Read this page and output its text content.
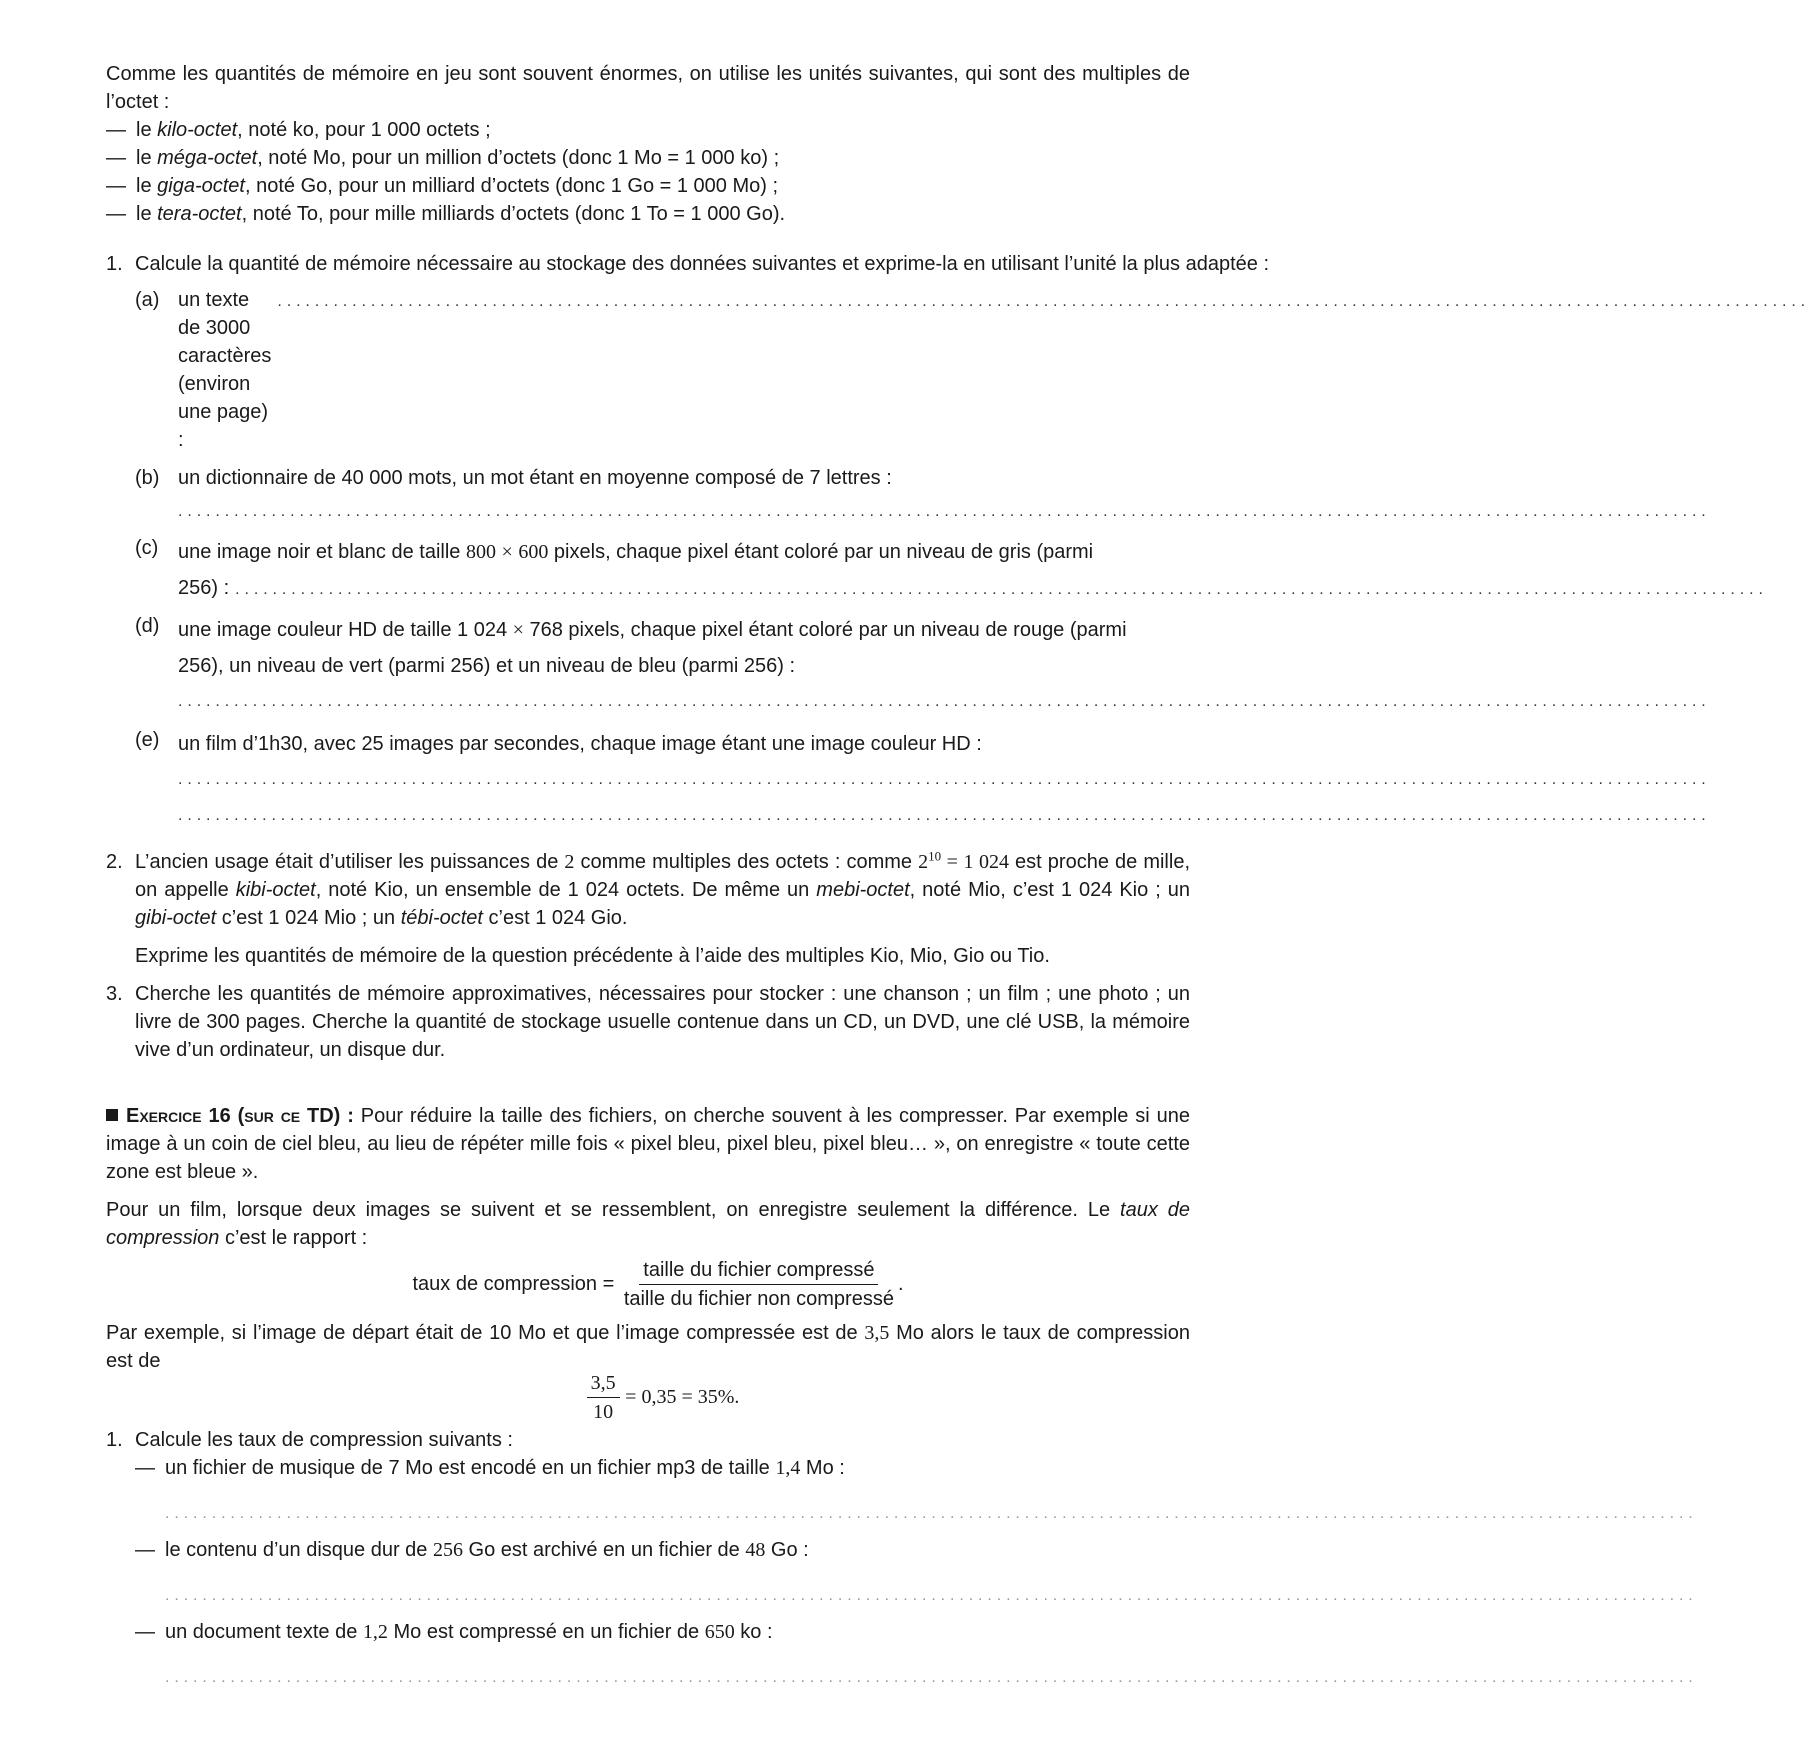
Comme les quantités de mémoire en jeu sont souvent énormes, on utilise les unités suivantes, qui sont des multiples de l’octet :

— le kilo-octet, noté ko, pour 1 000 octets ;
— le méga-octet, noté Mo, pour un million d’octets (donc 1 Mo = 1 000 ko) ;
— le giga-octet, noté Go, pour un milliard d’octets (donc 1 Go = 1 000 Mo) ;
— le tera-octet, noté To, pour mille milliards d’octets (donc 1 To = 1 000 Go).
1. Calcule la quantité de mémoire nécessaire au stockage des données suivantes et exprime-la en utilisant l’unité la plus adaptée :

(a) un texte de 3000 caractères (environ une page) :
....................................................................................................................................................................
(b) un dictionnaire de 40 000 mots, un mot étant en moyenne composé de 7 lettres :

....................................................................................................................................................................
(c) une image noir et blanc de taille 800 × 600 pixels, chaque pixel étant coloré par un niveau de gris (parmi

256) : ....................................................................................................................................................................
(d) une image couleur HD de taille 1 024 × 768 pixels, chaque pixel étant coloré par un niveau de rouge (parmi

256), un niveau de vert (parmi 256) et un niveau de bleu (parmi 256) :

....................................................................................................................................................................
(e) un film d’1h30, avec 25 images par secondes, chaque image étant une image couleur HD :

....................................................................................................................................................................
....................................................................................................................................................................
2. L’ancien usage était d’utiliser les puissances de 2 comme multiples des octets : comme $2^{10} = 1$ 024 est proche de mille, on appelle kibi-octet, noté Kio, un ensemble de 1 024 octets. De même un mebi-octet, noté Mio, c’est 1 024 Kio ; un gibi-octet c’est 1 024 Mio ; un tébi-octet c’est 1 024 Gio.

Exprime les quantités de mémoire de la question précédente à l’aide des multiples Kio, Mio, Gio ou Tio.

3. Cherche les quantités de mémoire approximatives, nécessaires pour stocker : une chanson ; un film ; une photo ; un livre de 300 pages. Cherche la quantité de stockage usuelle contenue dans un CD, un DVD, une clé USB, la mémoire vive d’un ordinateur, un disque dur.

Exercice 16 (sur ce TD) : Pour réduire la taille des fichiers, on cherche souvent à les compresser. Par exemple si une image à un coin de ciel bleu, au lieu de répéter mille fois « pixel bleu, pixel bleu, pixel bleu… », on enregistre « toute cette zone est bleue ».

Pour un film, lorsque deux images se suivent et se ressemblent, on enregistre seulement la différence. Le taux de compression c’est le rapport :

taux de compression = $\frac{\text{taille du fichier compressé}}{\text{taille du fichier non compressé}}$ .

Par exemple, si l’image de départ était de 10 Mo et que l’image compressée est de 3,5 Mo alors le taux de compression est de

$\frac{3,5}{10} = 0,35 = 35\%$.
1. Calcule les taux de compression suivants :

— un fichier de musique de 7 Mo est encodé en un fichier mp3 de taille 1,4 Mo :
....................................................................................................................................................................
— le contenu d’un disque dur de 256 Go est archivé en un fichier de 48 Go :
....................................................................................................................................................................
— un document texte de 1,2 Mo est compressé en un fichier de 650 ko :
....................................................................................................................................................................
